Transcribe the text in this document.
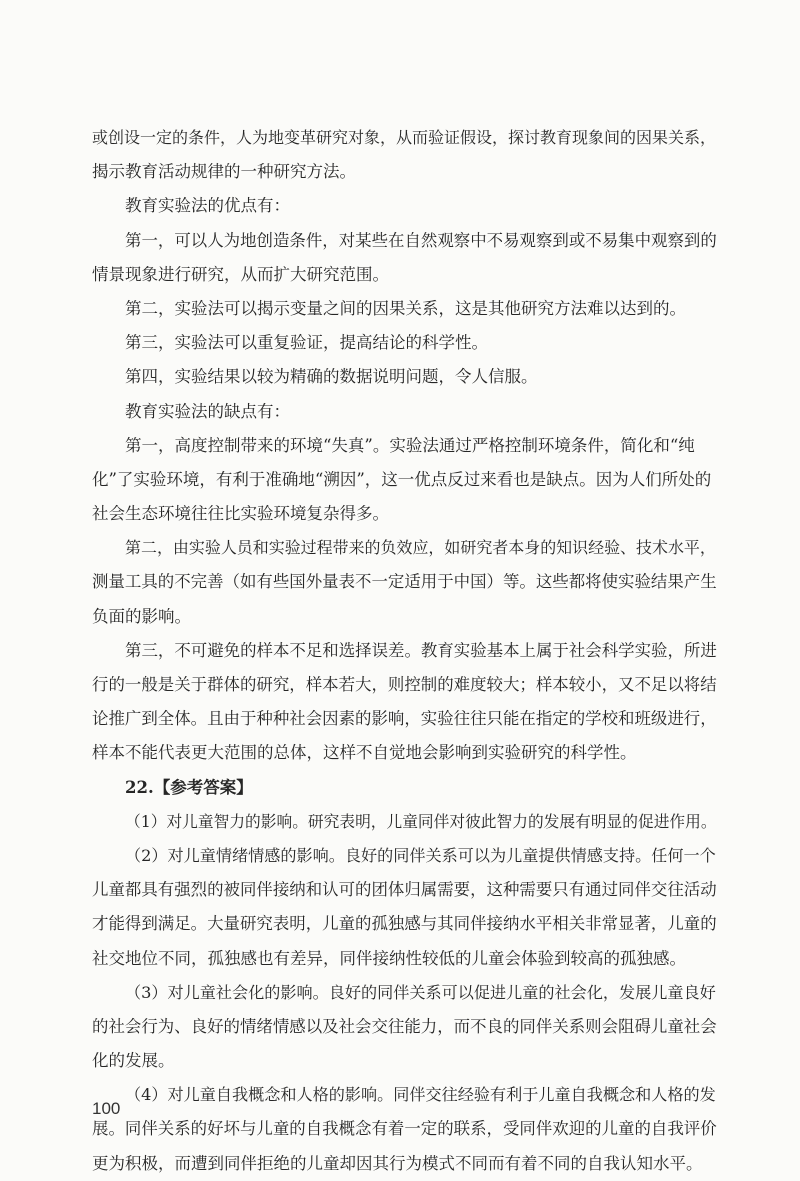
或创设一定的条件，人为地变革研究对象，从而验证假设，探讨教育现象间的因果关系，
揭示教育活动规律的一种研究方法。
教育实验法的优点有：
第一，可以人为地创造条件，对某些在自然观察中不易观察到或不易集中观察到的
情景现象进行研究，从而扩大研究范围。
第二，实验法可以揭示变量之间的因果关系，这是其他研究方法难以达到的。
第三，实验法可以重复验证，提高结论的科学性。
第四，实验结果以较为精确的数据说明问题，令人信服。
教育实验法的缺点有：
第一，高度控制带来的环境“失真”。实验法通过严格控制环境条件，简化和“纯
化”了实验环境，有利于准确地“溯因”，这一优点反过来看也是缺点。因为人们所处的
社会生态环境往往比实验环境复杂得多。
第二，由实验人员和实验过程带来的负效应，如研究者本身的知识经验、技术水平，
测量工具的不完善（如有些国外量表不一定适用于中国）等。这些都将使实验结果产生
负面的影响。
第三，不可避免的样本不足和选择误差。教育实验基本上属于社会科学实验，所进
行的一般是关于群体的研究，样本若大，则控制的难度较大；样本较小，又不足以将结
论推广到全体。且由于种种社会因素的影响，实验往往只能在指定的学校和班级进行，
样本不能代表更大范围的总体，这样不自觉地会影响到实验研究的科学性。
22.【参考答案】
（1）对儿童智力的影响。研究表明，儿童同伴对彼此智力的发展有明显的促进作用。
（2）对儿童情绪情感的影响。良好的同伴关系可以为儿童提供情感支持。任何一个
儿童都具有强烈的被同伴接纳和认可的团体归属需要，这种需要只有通过同伴交往活动
才能得到满足。大量研究表明，儿童的孤独感与其同伴接纳水平相关非常显著，儿童的
社交地位不同，孤独感也有差异，同伴接纳性较低的儿童会体验到较高的孤独感。
（3）对儿童社会化的影响。良好的同伴关系可以促进儿童的社会化，发展儿童良好
的社会行为、良好的情绪情感以及社会交往能力，而不良的同伴关系则会阻碍儿童社会
化的发展。
（4）对儿童自我概念和人格的影响。同伴交往经验有利于儿童自我概念和人格的发
展。同伴关系的好坏与儿童的自我概念有着一定的联系，受同伴欢迎的儿童的自我评价
更为积极，而遭到同伴拒绝的儿童却因其行为模式不同而有着不同的自我认知水平。
100
